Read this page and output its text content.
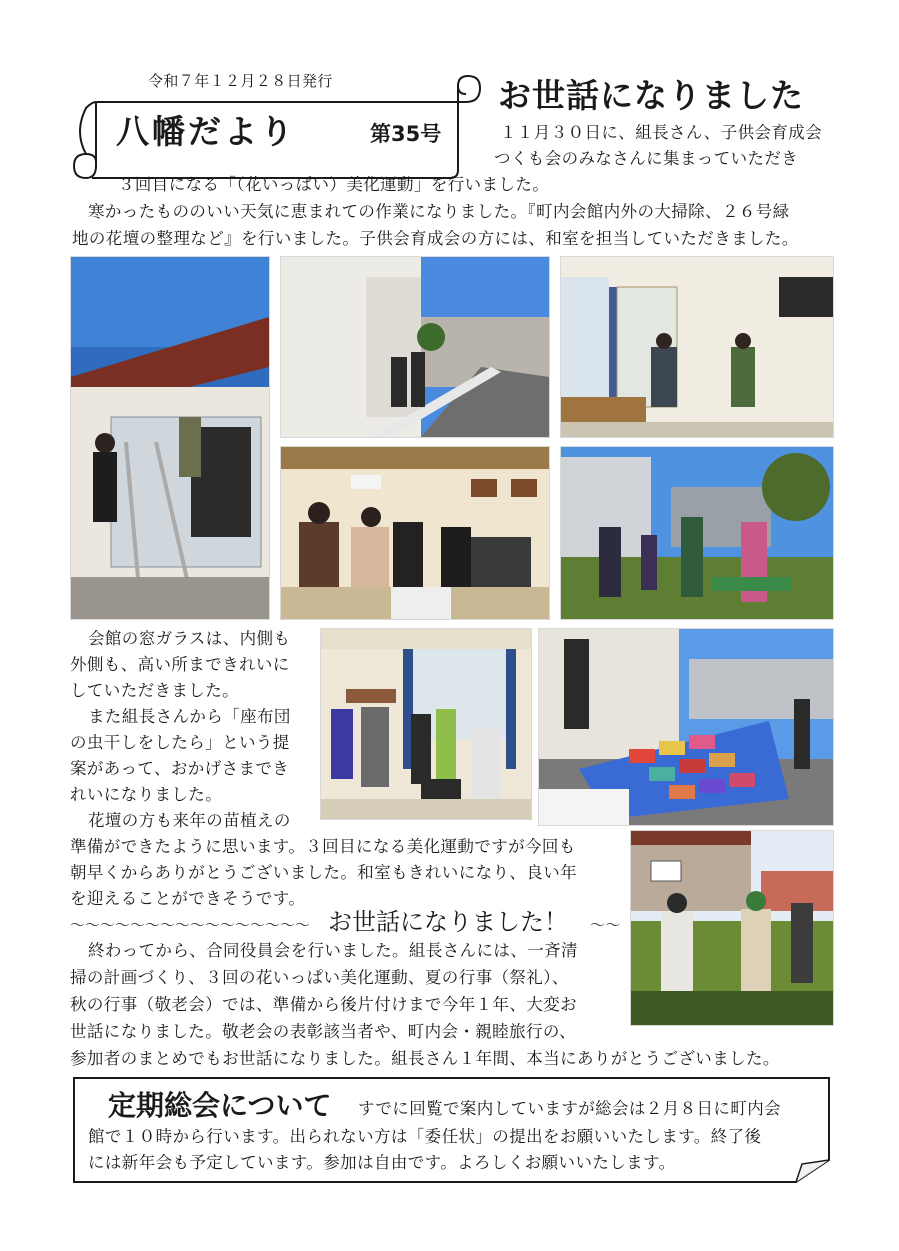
令和７年１２月２８日発行
八幡だより	第35号
お世話になりました
１１月３０日に、組長さん、子供会育成会
つくも会のみなさんに集まっていただき
３回目になる「（花いっぱい）美化運動」を行いました。
寒かったもののいい天気に恵まれての作業になりました。『町内会館内外の大掃除、２６号緑
地の花壇の整理など』を行いました。子供会育成会の方には、和室を担当していただきました。
会館の窓ガラスは、内側も
外側も、高い所まできれいに
していただきました。
また組長さんから「座布団
の虫干しをしたら」という提
案があって、おかげさまでき
れいになりました。
花壇の方も来年の苗植えの
準備ができたように思います。３回目になる美化運動ですが今回も
朝早くからありがとうございました。和室もきれいになり、良い年
を迎えることができそうです。
～～～～～～～～～～～～～～～～ お世話になりました！ ～～
終わってから、合同役員会を行いました。組長さんには、一斉清
掃の計画づくり、３回の花いっぱい美化運動、夏の行事（祭礼）、
秋の行事（敬老会）では、準備から後片付けまで今年１年、大変お
世話になりました。敬老会の表彰該当者や、町内会・親睦旅行の、
参加者のまとめでもお世話になりました。組長さん１年間、本当にありがとうございました。
定期総会について すでに回覧で案内していますが総会は２月８日に町内会
館で１０時から行います。出られない方は「委任状」の提出をお願いいたします。終了後
には新年会も予定しています。参加は自由です。よろしくお願いいたします。
